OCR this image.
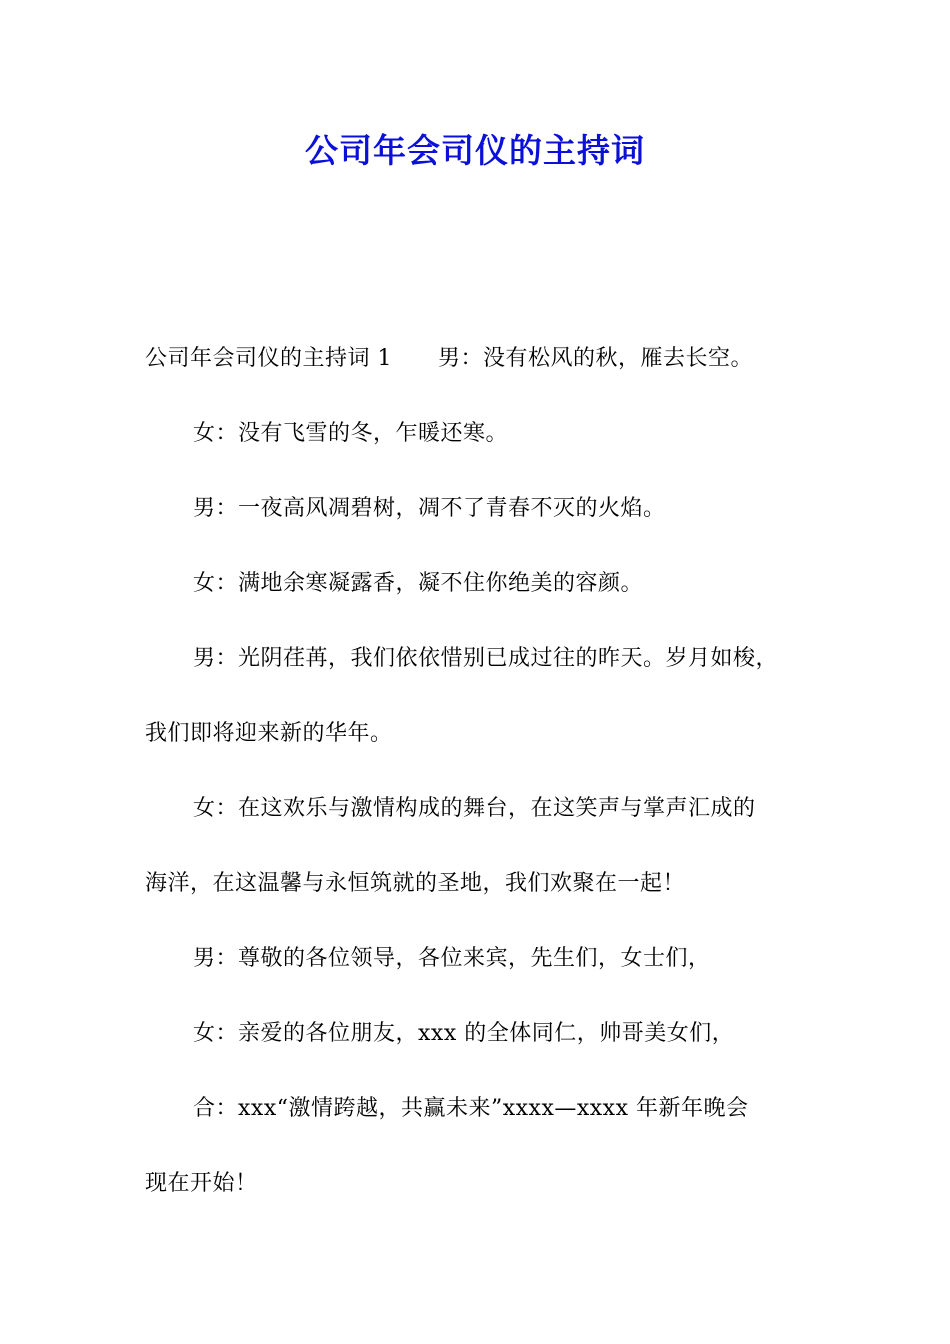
公司年会司仪的主持词
公司年会司仪的主持词 1 男：没有松风的秋，雁去长空。
女：没有飞雪的冬，乍暖还寒。
男：一夜高风凋碧树，凋不了青春不灭的火焰。
女：满地余寒凝露香，凝不住你绝美的容颜。
男：光阴荏苒，我们依依惜别已成过往的昨天。岁月如梭，
我们即将迎来新的华年。
女：在这欢乐与激情构成的舞台，在这笑声与掌声汇成的
海洋，在这温馨与永恒筑就的圣地，我们欢聚在一起！
男：尊敬的各位领导，各位来宾，先生们，女士们，
女：亲爱的各位朋友，xxx 的全体同仁，帅哥美女们，
合：xxx“激情跨越，共赢未来”xxxx—xxxx 年新年晚会
现在开始！
